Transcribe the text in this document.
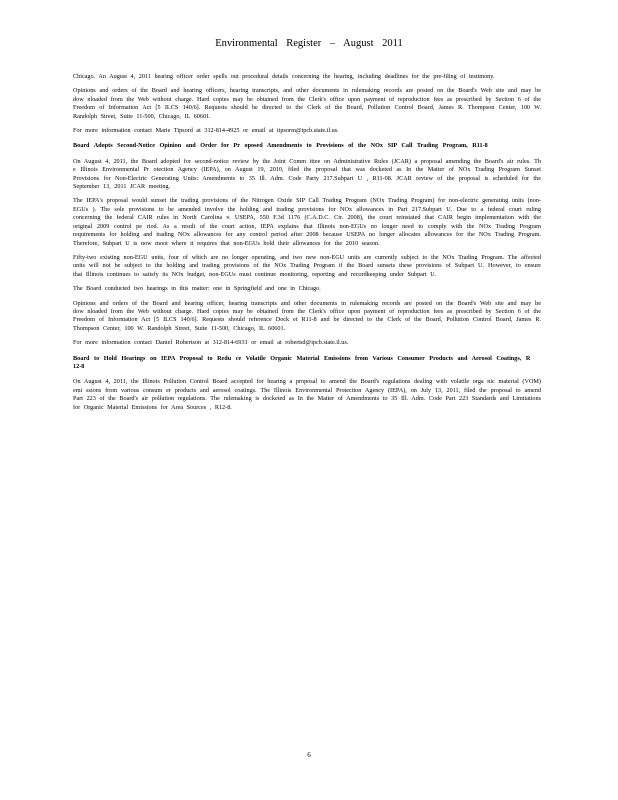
Environmental Register – August 2011

Chicago. An August 4, 2011 hearing officer order spells out procedural details concerning the hearing, including deadlines for the pre-filing of testimony.

Opinions and orders of the Board and hearing officers, hearing transcripts, and other documents in rulemaking records are posted on the Board's Web site and may be dow nloaded from the Web without charge. Hard copies may be obtained from the Clerk's office upon payment of reproduction fees as prescribed by Section 6 of the Freedom of Information Act [5 ILCS 140/6]. Requests should be directed to the Clerk of the Board, Pollution Control Board, James R. Thompson Center, 100 W. Randolph Street, Suite 11-500, Chicago, IL 60601.

For more information contact Marie Tipsord at 312-814-4925 or email at tipsorm@ipcb.state.il.us.

Board Adopts Second-Notice Opinion and Order for Pr oposed Amendments to Provisions of the NOx SIP Call Trading Program, R11-8

On August 4, 2011, the Board adopted for second-notice review by the Joint Comm ittee on Administrative Rules (JCAR) a proposal amending the Board's air rules. Th e Illinois Environmental Pr otection Agency (IEPA), on August 19, 2010, filed the proposal that was docketed as In the Matter of NOx Trading Program Sunset Provisions for Non-Electric Generating Units: Amendments to 35 Ill. Adm. Code Party 217.Subpart U , R11-08. JCAR review of the proposal is scheduled for the September 13, 2011 JCAR meeting.

The IEPA's proposal would sunset the trading provisions of the Nitrogen Oxide SIP Call Trading Program (NOx Trading Program) for non-electric generating units (non-EGUs ). The sole provisions to be amended involve the holding and trading provisions for NOx allowances in Part 217.Subpart U. Due to a federal court ruling concerning the federal CAIR rules in North Carolina v. USEPA, 550 F.3d 1176 (C.A.D.C. Cir. 2008), the court reinstated that CAIR begin implementation with the original 2009 control pe riod. As a result of the court action, IEPA explains that Illinois non-EGUs no longer need to comply with the NOx Trading Program requirements for holding and trading NOx allowances for any control period after 2008 because USEPA no longer allocates allowances for the NOx Trading Program. Therefore, Subpart U is now moot where it requires that non-EGUs hold their allowances for the 2010 season.

Fifty-two existing non-EGU units, four of which are no longer operating, and two new non-EGU units are currently subject to the NOx Trading Program. The affected units will not be subject to the holding and trading provisions of the NOx Trading Program if the Board sunsets these provisions of Subpart U. However, to ensure that Illinois continues to satisfy its NOx budget, non-EGUs must continue monitoring, reporting and recordkeeping under Subpart U.

The Board conducted two hearings in this matter: one in Springfield and one in Chicago.

Opinions and orders of the Board and hearing officer, hearing transcripts and other documents in rulemaking records are posted on the Board's Web site and may be dow nloaded from the Web without charge. Hard copies may be obtained from the Clerk's office upon payment of reproduction fees as prescribed by Section 6 of the Freedom of Information Act [5 ILCS 140/6]. Requests should reference Dock et R11-8 and be directed to the Clerk of the Board, Pollution Control Board, James R. Thompson Center, 100 W. Randolph Street, Suite 11-500, Chicago, IL 60601.

For more information contact Daniel Robertson at 312-814-6931 or email at robertsd@ipcb.state.il.us.

Board to Hold Hearings on IEPA Proposal to Redu ce Volatile Organic Material Emissions from Various Consumer Products and Aerosol Coatings, R 12-8

On August 4, 2011, the Illinois Pollution Control Board accepted for hearing a proposal to amend the Board's regulations dealing with volatile orga nic material (VOM) emi ssions from various consum er products and aerosol coatings. The Illinois Environmental Protection Agency (IEPA), on July 13, 2011, filed the proposal to amend Part 223 of the Board's air pollution regulations. The rulemaking is docketed as In the Matter of Amendments to 35 Ill. Adm. Code Part 223 Standards and Limitations for Organic Material Emissions for Area Sources , R12-8.

6
